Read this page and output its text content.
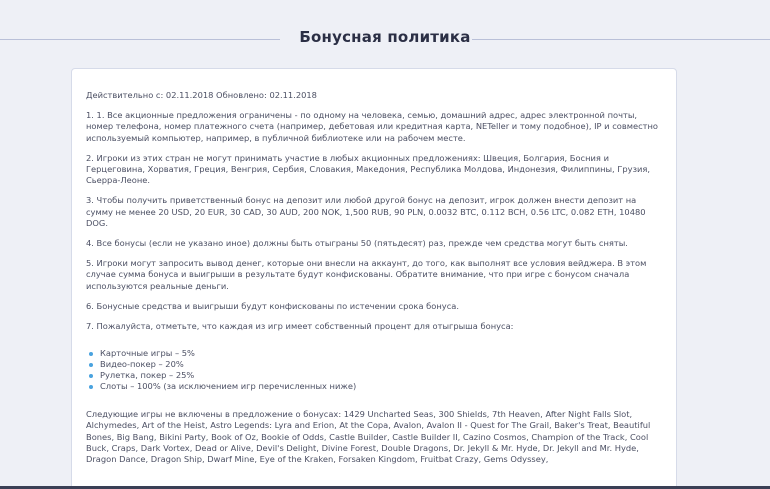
Бонусная политика

Действительно с: 02.11.2018 Обновлено: 02.11.2018

1. 1. Все акционные предложения ограничены - по одному на человека, семью, домашний адрес, адрес электронной почты, номер телефона, номер платежного счета (например, дебетовая или кредитная карта, NETeller и тому подобное), IP и совместно используемый компьютер, например, в публичной библиотеке или на рабочем месте.

2. Игроки из этих стран не могут принимать участие в любых акционных предложениях: Швеция, Болгария, Босния и Герцеговина, Хорватия, Греция, Венгрия, Сербия, Словакия, Македония, Республика Молдова, Индонезия, Филиппины, Грузия, Сьерра-Леоне.

3. Чтобы получить приветственный бонус на депозит или любой другой бонус на депозит, игрок должен внести депозит на сумму не менее 20 USD, 20 EUR, 30 CAD, 30 AUD, 200 NOK, 1,500 RUB, 90 PLN, 0.0032 BTC, 0.112 BCH, 0.56 LTC, 0.082 ETH, 10480 DOG.

4. Все бонусы (если не указано иное) должны быть отыграны 50 (пятьдесят) раз, прежде чем средства могут быть сняты.

5. Игроки могут запросить вывод денег, которые они внесли на аккаунт, до того, как выполнят все условия вейджера. В этом случае сумма бонуса и выигрыши в результате будут конфискованы. Обратите внимание, что при игре с бонусом сначала используются реальные деньги.

6. Бонусные средства и выигрыши будут конфискованы по истечении срока бонуса.

7. Пожалуйста, отметьте, что каждая из игр имеет собственный процент для отыгрыша бонуса:

Карточные игры – 5%
Видео-покер – 20%
Рулетка, покер – 25%
Слоты – 100% (за исключением игр перечисленных ниже)

Следующие игры не включены в предложение о бонусах: 1429 Uncharted Seas, 300 Shields, 7th Heaven, After Night Falls Slot, Alchymedes, Art of the Heist, Astro Legends: Lyra and Erion, At the Copa, Avalon, Avalon II - Quest for The Grail, Baker's Treat, Beautiful Bones, Big Bang, Bikini Party, Book of Oz, Bookie of Odds, Castle Builder, Castle Builder II, Cazino Cosmos, Champion of the Track, Cool Buck, Craps, Dark Vortex, Dead or Alive, Devil's Delight, Divine Forest, Double Dragons, Dr. Jekyll & Mr. Hyde, Dr. Jekyll and Mr. Hyde, Dragon Dance, Dragon Ship, Dwarf Mine, Eye of the Kraken, Forsaken Kingdom, Fruitbat Crazy, Gems Odyssey,
